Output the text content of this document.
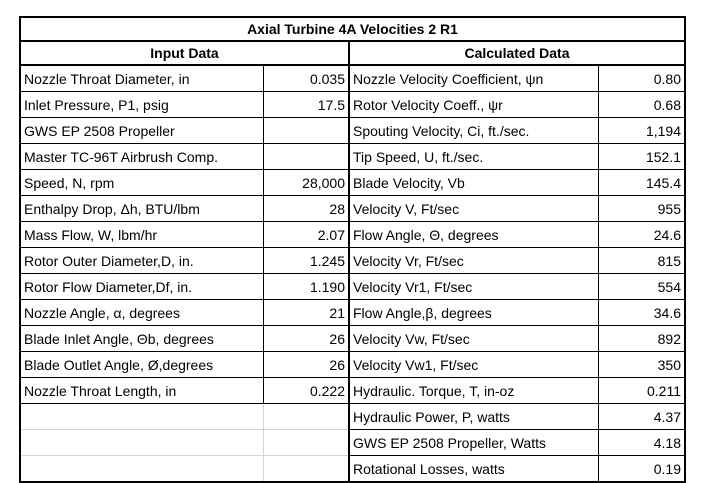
Axial Turbine 4A Velocities 2 R1			
Input Data		Calculated Data	
Nozzle Throat Diameter, in	0.035	Nozzle Velocity Coefficient, ψn	0.80
Inlet Pressure, P1, psig	17.5	Rotor Velocity Coeff., ψr	0.68
GWS EP 2508 Propeller		Spouting Velocity, Ci, ft./sec.	1,194
Master TC-96T Airbrush Comp.		Tip Speed, U, ft./sec.	152.1
Speed, N, rpm	28,000	Blade Velocity, Vb	145.4
Enthalpy Drop, Δh, BTU/lbm	28	Velocity V, Ft/sec	955
Mass Flow, W, lbm/hr	2.07	Flow Angle, Θ, degrees	24.6
Rotor Outer Diameter,D, in.	1.245	Velocity Vr, Ft/sec	815
Rotor Flow Diameter,Df, in.	1.190	Velocity Vr1, Ft/sec	554
Nozzle Angle, α, degrees	21	Flow Angle,β, degrees	34.6
Blade Inlet Angle, Θb, degrees	26	Velocity Vw, Ft/sec	892
Blade Outlet Angle, Ø,degrees	26	Velocity Vw1, Ft/sec	350
Nozzle Throat Length, in	0.222	Hydraulic. Torque, T, in-oz	0.211
		Hydraulic Power, P, watts	4.37
		GWS EP 2508 Propeller, Watts	4.18
		Rotational Losses, watts	0.19
